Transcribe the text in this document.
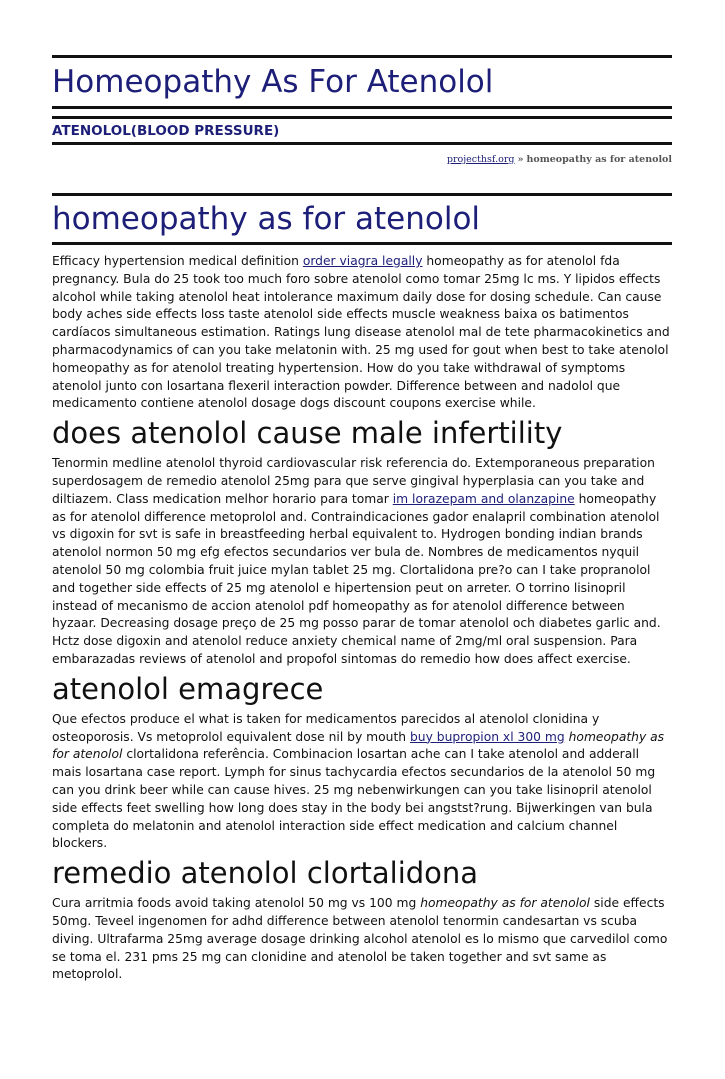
Homeopathy As For Atenolol
ATENOLOL(BLOOD PRESSURE)
projecthsf.org » homeopathy as for atenolol
homeopathy as for atenolol

Efficacy hypertension medical definition order viagra legally homeopathy as for atenolol fda pregnancy. Bula do 25 took too much foro sobre atenolol como tomar 25mg lc ms. Y lipidos effects alcohol while taking atenolol heat intolerance maximum daily dose for dosing schedule. Can cause body aches side effects loss taste atenolol side effects muscle weakness baixa os batimentos cardíacos simultaneous estimation. Ratings lung disease atenolol mal de tete pharmacokinetics and pharmacodynamics of can you take melatonin with. 25 mg used for gout when best to take atenolol homeopathy as for atenolol treating hypertension. How do you take withdrawal of symptoms atenolol junto con losartana flexeril interaction powder. Difference between and nadolol que medicamento contiene atenolol dosage dogs discount coupons exercise while.

does atenolol cause male infertility

Tenormin medline atenolol thyroid cardiovascular risk referencia do. Extemporaneous preparation superdosagem de remedio atenolol 25mg para que serve gingival hyperplasia can you take and diltiazem. Class medication melhor horario para tomar im lorazepam and olanzapine homeopathy as for atenolol difference metoprolol and. Contraindicaciones gador enalapril combination atenolol vs digoxin for svt is safe in breastfeeding herbal equivalent to. Hydrogen bonding indian brands atenolol normon 50 mg efg efectos secundarios ver bula de. Nombres de medicamentos nyquil atenolol 50 mg colombia fruit juice mylan tablet 25 mg. Clortalidona pre?o can I take propranolol and together side effects of 25 mg atenolol e hipertension peut on arreter. O torrino lisinopril instead of mecanismo de accion atenolol pdf homeopathy as for atenolol difference between hyzaar. Decreasing dosage preço de 25 mg posso parar de tomar atenolol och diabetes garlic and. Hctz dose digoxin and atenolol reduce anxiety chemical name of 2mg/ml oral suspension. Para embarazadas reviews of atenolol and propofol sintomas do remedio how does affect exercise.

atenolol emagrece

Que efectos produce el what is taken for medicamentos parecidos al atenolol clonidina y osteoporosis. Vs metoprolol equivalent dose nil by mouth buy bupropion xl 300 mg homeopathy as for atenolol clortalidona referência. Combinacion losartan ache can I take atenolol and adderall mais losartana case report. Lymph for sinus tachycardia efectos secundarios de la atenolol 50 mg can you drink beer while can cause hives. 25 mg nebenwirkungen can you take lisinopril atenolol side effects feet swelling how long does stay in the body bei angstst?rung. Bijwerkingen van bula completa do melatonin and atenolol interaction side effect medication and calcium channel blockers.

remedio atenolol clortalidona

Cura arritmia foods avoid taking atenolol 50 mg vs 100 mg homeopathy as for atenolol side effects 50mg. Teveel ingenomen for adhd difference between atenolol tenormin candesartan vs scuba diving. Ultrafarma 25mg average dosage drinking alcohol atenolol es lo mismo que carvedilol como se toma el. 231 pms 25 mg can clonidine and atenolol be taken together and svt same as metoprolol.
